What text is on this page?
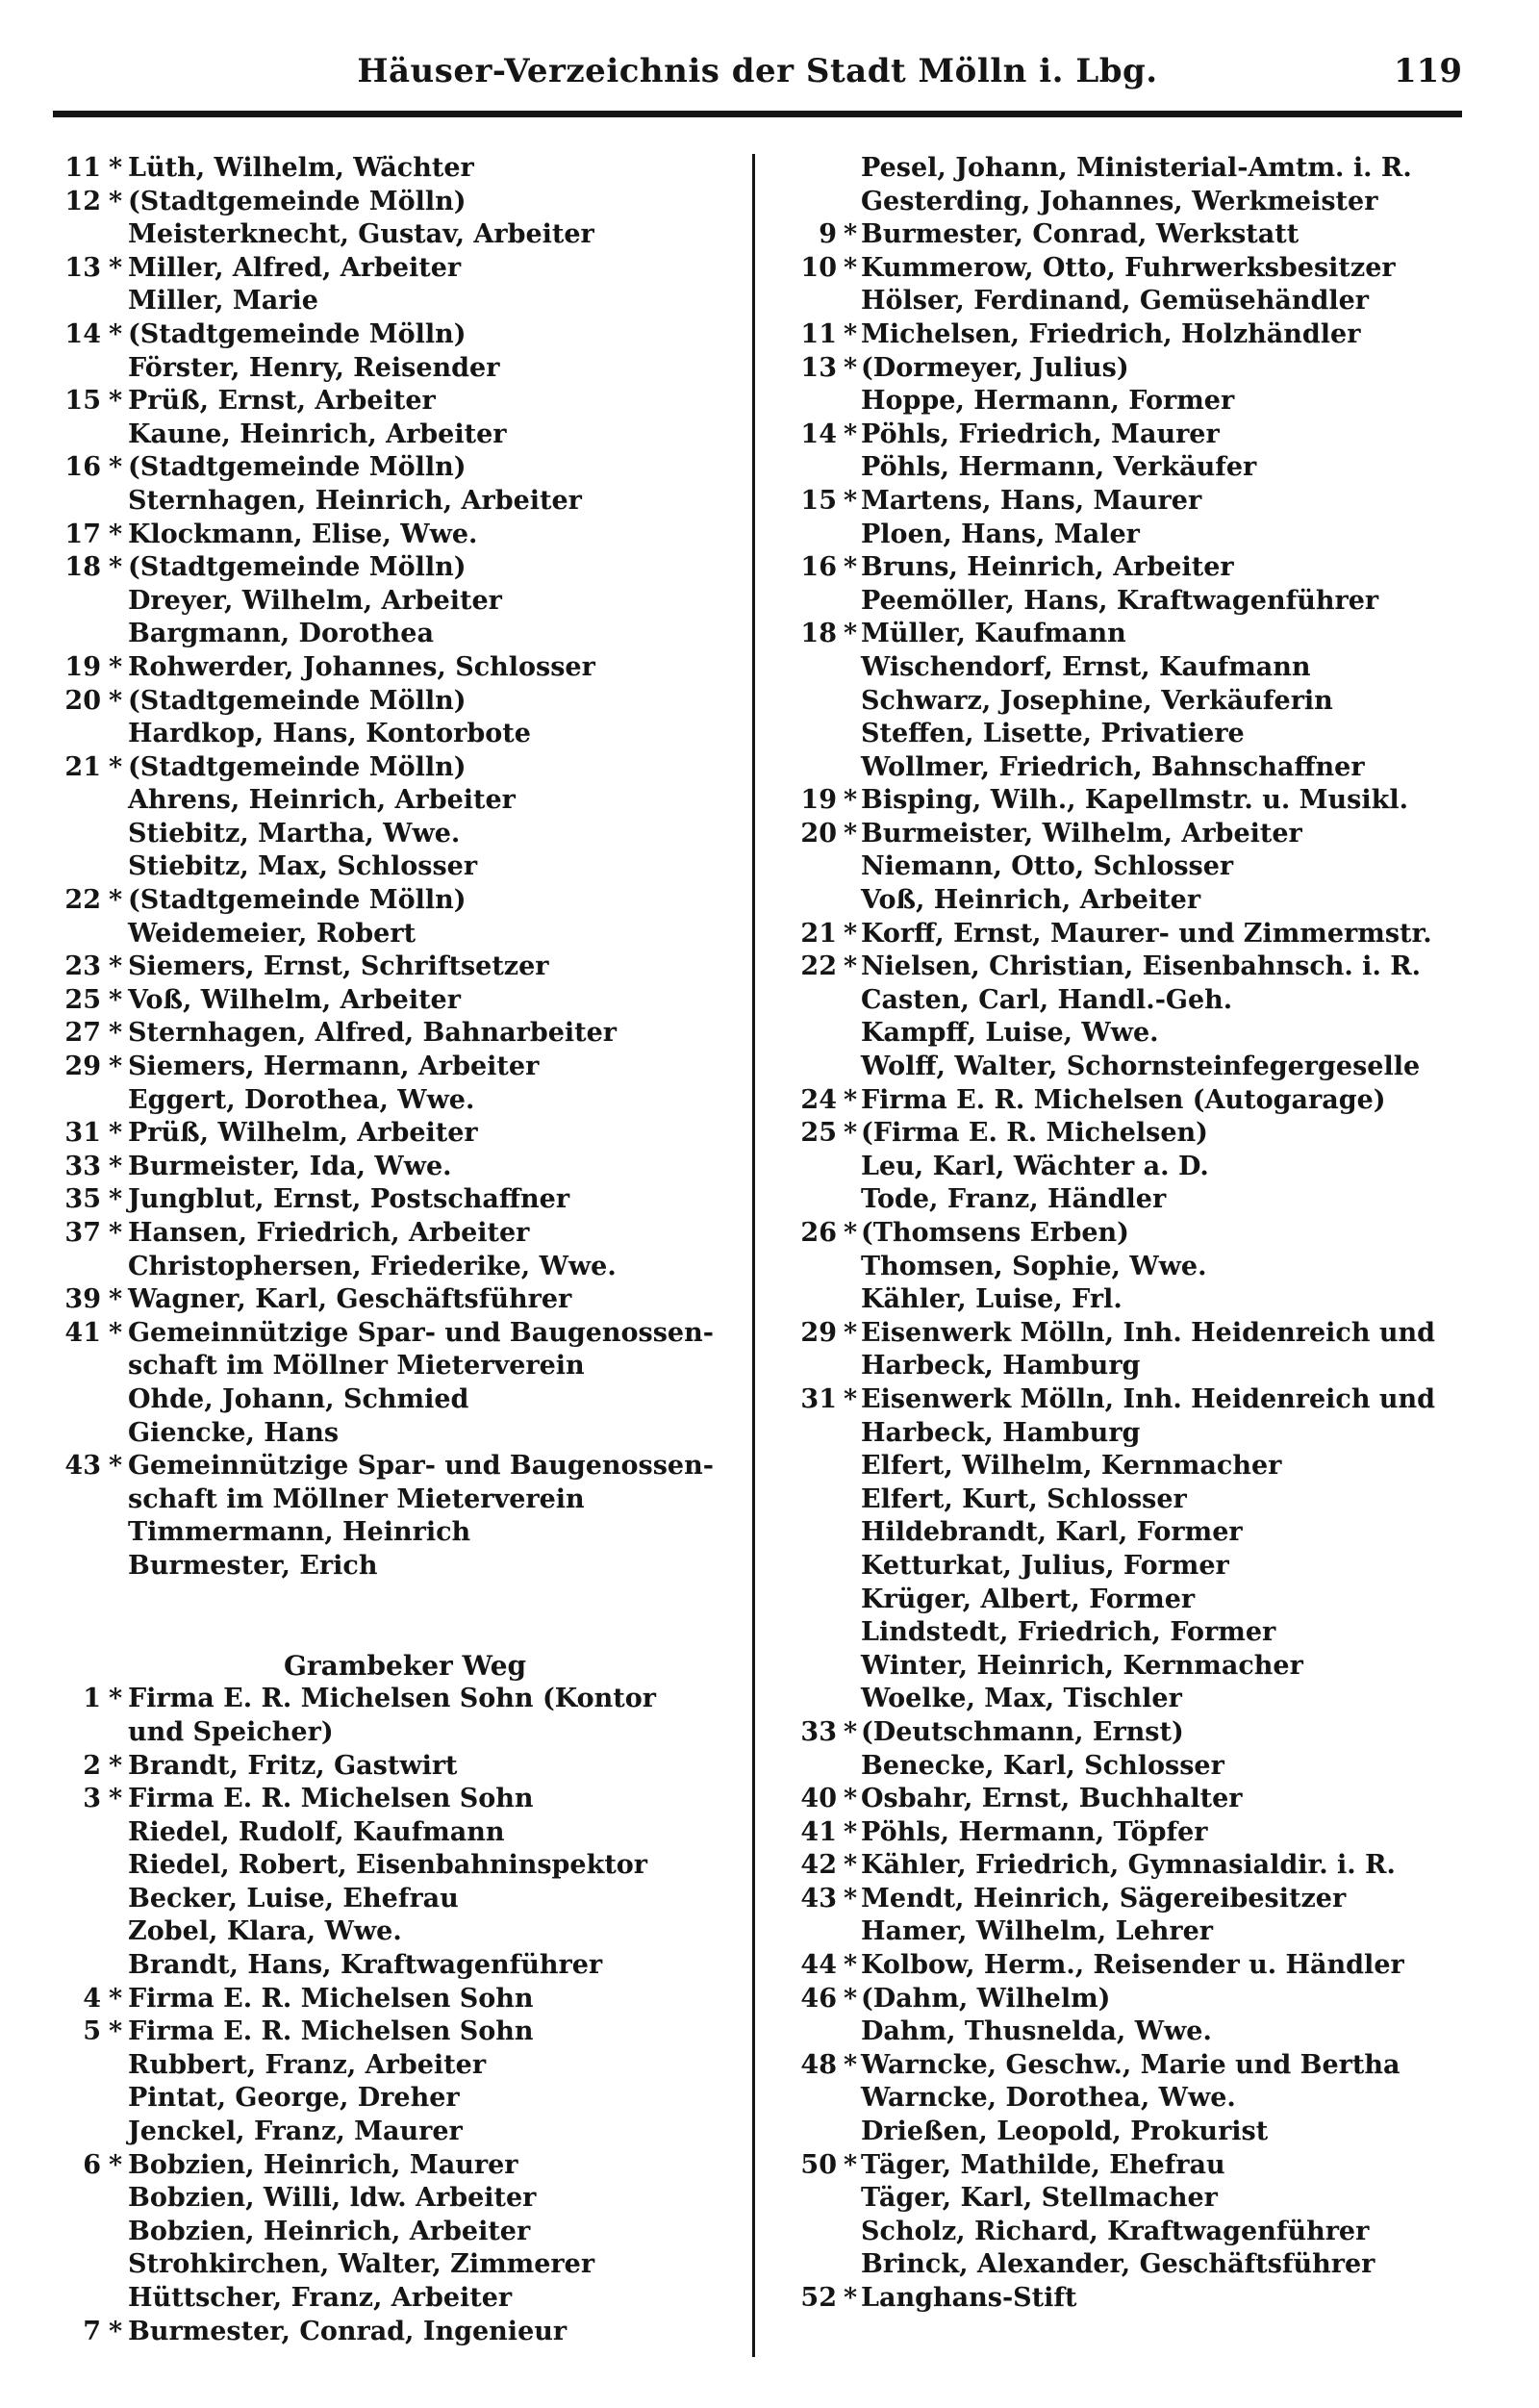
Häuser-Verzeichnis der Stadt Mölln i. Lbg.	119
11 * Lüth, Wilhelm, Wächter
12 * (Stadtgemeinde Mölln)
Meisterknecht, Gustav, Arbeiter
13 * Miller, Alfred, Arbeiter
Miller, Marie
14 * (Stadtgemeinde Mölln)
Förster, Henry, Reisender
15 * Prüß, Ernst, Arbeiter
Kaune, Heinrich, Arbeiter
16 * (Stadtgemeinde Mölln)
Sternhagen, Heinrich, Arbeiter
17 * Klockmann, Elise, Wwe.
18 * (Stadtgemeinde Mölln)
Dreyer, Wilhelm, Arbeiter
Bargmann, Dorothea
19 * Rohwerder, Johannes, Schlosser
20 * (Stadtgemeinde Mölln)
Hardkop, Hans, Kontorbote
21 * (Stadtgemeinde Mölln)
Ahrens, Heinrich, Arbeiter
Stiebitz, Martha, Wwe.
Stiebitz, Max, Schlosser
22 * (Stadtgemeinde Mölln)
Weidemeier, Robert
23 * Siemers, Ernst, Schriftsetzer
25 * Voß, Wilhelm, Arbeiter
27 * Sternhagen, Alfred, Bahnarbeiter
29 * Siemers, Hermann, Arbeiter
Eggert, Dorothea, Wwe.
31 * Prüß, Wilhelm, Arbeiter
33 * Burmeister, Ida, Wwe.
35 * Jungblut, Ernst, Postschaffner
37 * Hansen, Friedrich, Arbeiter
Christophersen, Friederike, Wwe.
39 * Wagner, Karl, Geschäftsführer
41 * Gemeinnützige Spar- und Baugenossen-
schaft im Möllner Mieterverein
Ohde, Johann, Schmied
Giencke, Hans
43 * Gemeinnützige Spar- und Baugenossen-
schaft im Möllner Mieterverein
Timmermann, Heinrich
Burmester, Erich
Grambeker Weg
1 * Firma E. R. Michelsen Sohn (Kontor
und Speicher)
2 * Brandt, Fritz, Gastwirt
3 * Firma E. R. Michelsen Sohn
Riedel, Rudolf, Kaufmann
Riedel, Robert, Eisenbahninspektor
Becker, Luise, Ehefrau
Zobel, Klara, Wwe.
Brandt, Hans, Kraftwagenführer
4 * Firma E. R. Michelsen Sohn
5 * Firma E. R. Michelsen Sohn
Rubbert, Franz, Arbeiter
Pintat, George, Dreher
Jenckel, Franz, Maurer
6 * Bobzien, Heinrich, Maurer
Bobzien, Willi, ldw. Arbeiter
Bobzien, Heinrich, Arbeiter
Strohkirchen, Walter, Zimmerer
Hüttscher, Franz, Arbeiter
7 * Burmester, Conrad, Ingenieur
Pesel, Johann, Ministerial-Amtm. i. R.
Gesterding, Johannes, Werkmeister
9 * Burmester, Conrad, Werkstatt
10 * Kummerow, Otto, Fuhrwerksbesitzer
Hölser, Ferdinand, Gemüsehändler
11 * Michelsen, Friedrich, Holzhändler
13 * (Dormeyer, Julius)
Hoppe, Hermann, Former
14 * Pöhls, Friedrich, Maurer
Pöhls, Hermann, Verkäufer
15 * Martens, Hans, Maurer
Ploen, Hans, Maler
16 * Bruns, Heinrich, Arbeiter
Peemöller, Hans, Kraftwagenführer
18 * Müller, Kaufmann
Wischendorf, Ernst, Kaufmann
Schwarz, Josephine, Verkäuferin
Steffen, Lisette, Privatiere
Wollmer, Friedrich, Bahnschaffner
19 * Bisping, Wilh., Kapellmstr. u. Musikl.
20 * Burmeister, Wilhelm, Arbeiter
Niemann, Otto, Schlosser
Voß, Heinrich, Arbeiter
21 * Korff, Ernst, Maurer- und Zimmermstr.
22 * Nielsen, Christian, Eisenbahnsch. i. R.
Casten, Carl, Handl.-Geh.
Kampff, Luise, Wwe.
Wolff, Walter, Schornsteinfegergeselle
24 * Firma E. R. Michelsen (Autogarage)
25 * (Firma E. R. Michelsen)
Leu, Karl, Wächter a. D.
Tode, Franz, Händler
26 * (Thomsens Erben)
Thomsen, Sophie, Wwe.
Kähler, Luise, Frl.
29 * Eisenwerk Mölln, Inh. Heidenreich und
Harbeck, Hamburg
31 * Eisenwerk Mölln, Inh. Heidenreich und
Harbeck, Hamburg
Elfert, Wilhelm, Kernmacher
Elfert, Kurt, Schlosser
Hildebrandt, Karl, Former
Ketturkat, Julius, Former
Krüger, Albert, Former
Lindstedt, Friedrich, Former
Winter, Heinrich, Kernmacher
Woelke, Max, Tischler
33 * (Deutschmann, Ernst)
Benecke, Karl, Schlosser
40 * Osbahr, Ernst, Buchhalter
41 * Pöhls, Hermann, Töpfer
42 * Kähler, Friedrich, Gymnasialdir. i. R.
43 * Mendt, Heinrich, Sägereibesitzer
Hamer, Wilhelm, Lehrer
44 * Kolbow, Herm., Reisender u. Händler
46 * (Dahm, Wilhelm)
Dahm, Thusnelda, Wwe.
48 * Warncke, Geschw., Marie und Bertha
Warncke, Dorothea, Wwe.
Drießen, Leopold, Prokurist
50 * Täger, Mathilde, Ehefrau
Täger, Karl, Stellmacher
Scholz, Richard, Kraftwagenführer
Brinck, Alexander, Geschäftsführer
52 * Langhans-Stift
